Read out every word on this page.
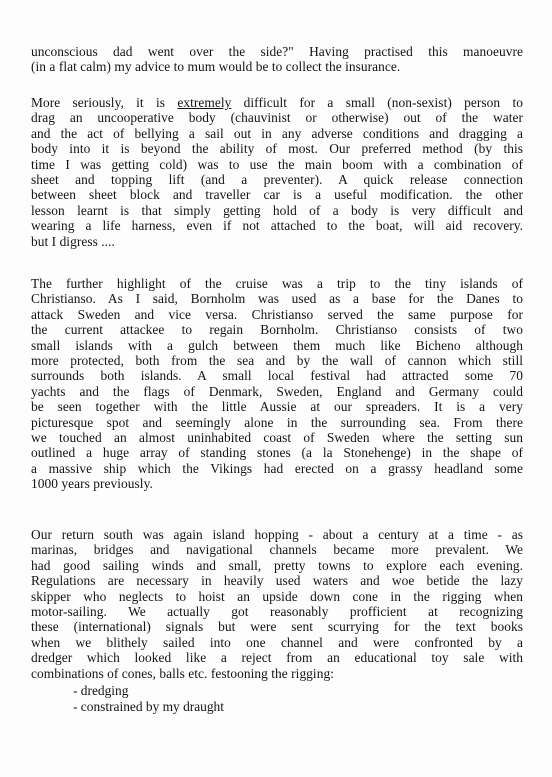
unconscious dad went over the side?" Having practised this manoeuvre
(in a flat calm) my advice to mum would be to collect the insurance.
More seriously, it is extremely difficult for a small (non-sexist) person to
drag an uncooperative body (chauvinist or otherwise) out of the water
and the act of bellying a sail out in any adverse conditions and dragging a
body into it is beyond the ability of most. Our preferred method (by this
time I was getting cold) was to use the main boom with a combination of
sheet and topping lift (and a preventer). A quick release connection
between sheet block and traveller car is a useful modification. the other
lesson learnt is that simply getting hold of a body is very difficult and
wearing a life harness, even if not attached to the boat, will aid recovery.
but I digress ....
The further highlight of the cruise was a trip to the tiny islands of
Christianso. As I said, Bornholm was used as a base for the Danes to
attack Sweden and vice versa. Christianso served the same purpose for
the current attackee to regain Bornholm. Christianso consists of two
small islands with a gulch between them much like Bicheno although
more protected, both from the sea and by the wall of cannon which still
surrounds both islands. A small local festival had attracted some 70
yachts and the flags of Denmark, Sweden, England and Germany could
be seen together with the little Aussie at our spreaders. It is a very
picturesque spot and seemingly alone in the surrounding sea. From there
we touched an almost uninhabited coast of Sweden where the setting sun
outlined a huge array of standing stones (a la Stonehenge) in the shape of
a massive ship which the Vikings had erected on a grassy headland some
1000 years previously.
Our return south was again island hopping - about a century at a time - as
marinas, bridges and navigational channels became more prevalent. We
had good sailing winds and small, pretty towns to explore each evening.
Regulations are necessary in heavily used waters and woe betide the lazy
skipper who neglects to hoist an upside down cone in the rigging when
motor-sailing. We actually got reasonably profficient at recognizing
these (international) signals but were sent scurrying for the text books
when we blithely sailed into one channel and were confronted by a
dredger which looked like a reject from an educational toy sale with
combinations of cones, balls etc. festooning the rigging:
- dredging
- constrained by my draught
